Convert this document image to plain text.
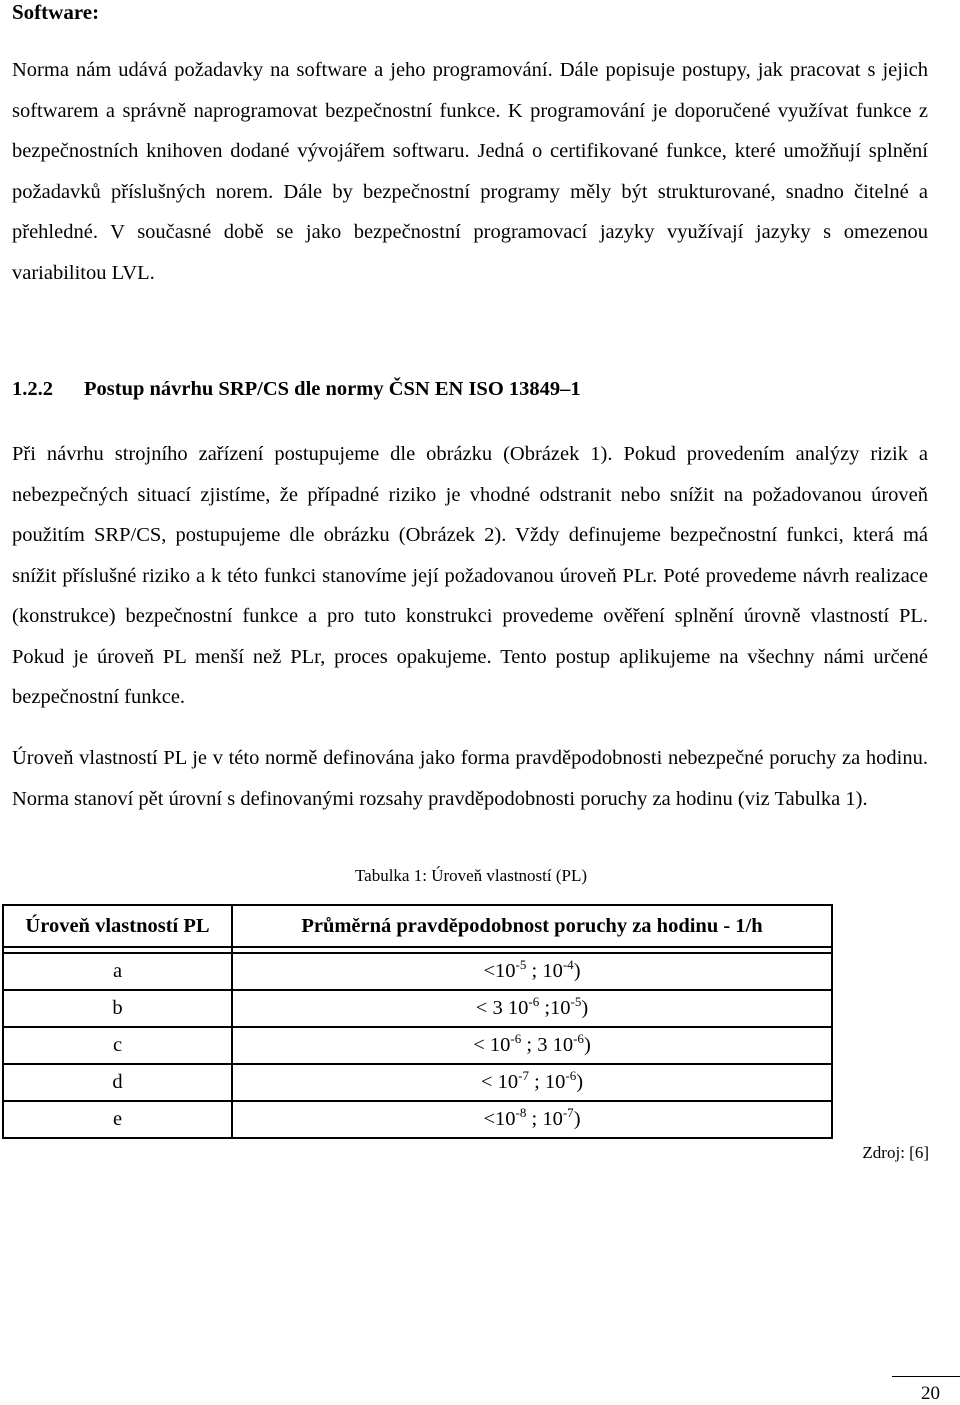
Software:

Norma nám udává požadavky na software a jeho programování. Dále popisuje postupy, jak pracovat s jejich softwarem a správně naprogramovat bezpečnostní funkce. K programování je doporučené využívat funkce z bezpečnostních knihoven dodané vývojářem softwaru. Jedná o certifikované funkce, které umožňují splnění požadavků příslušných norem. Dále by bezpečnostní programy měly být strukturované, snadno čitelné a přehledné. V současné době se jako bezpečnostní programovací jazyky využívají jazyky s omezenou variabilitou LVL.

1.2.2 Postup návrhu SRP/CS dle normy ČSN EN ISO 13849–1

Při návrhu strojního zařízení postupujeme dle obrázku (Obrázek 1). Pokud provedením analýzy rizik a nebezpečných situací zjistíme, že případné riziko je vhodné odstranit nebo snížit na požadovanou úroveň použitím SRP/CS, postupujeme dle obrázku (Obrázek 2). Vždy definujeme bezpečnostní funkci, která má snížit příslušné riziko a k této funkci stanovíme její požadovanou úroveň PLr. Poté provedeme návrh realizace (konstrukce) bezpečnostní funkce a pro tuto konstrukci provedeme ověření splnění úrovně vlastností PL. Pokud je úroveň PL menší než PLr, proces opakujeme. Tento postup aplikujeme na všechny námi určené bezpečnostní funkce.

Úroveň vlastností PL je v této normě definována jako forma pravděpodobnosti nebezpečné poruchy za hodinu. Norma stanoví pět úrovní s definovanými rozsahy pravděpodobnosti poruchy za hodinu (viz Tabulka 1).

Tabulka 1: Úroveň vlastností (PL)

Úroveň vlastností PL	Průměrná pravděpodobnost poruchy za hodinu - 1/h

a	$<10^{-5}$ ; $10^{-4}$)
b	< 3 $10^{-6}$ $;10^{-5}$)
c	< $10^{-6}$ ; 3 $10^{-6}$)
d	< $10^{-7}$ ; $10^{-6}$)
e	$<10^{-8}$ ; $10^{-7}$)

Zdroj: [6]

20
